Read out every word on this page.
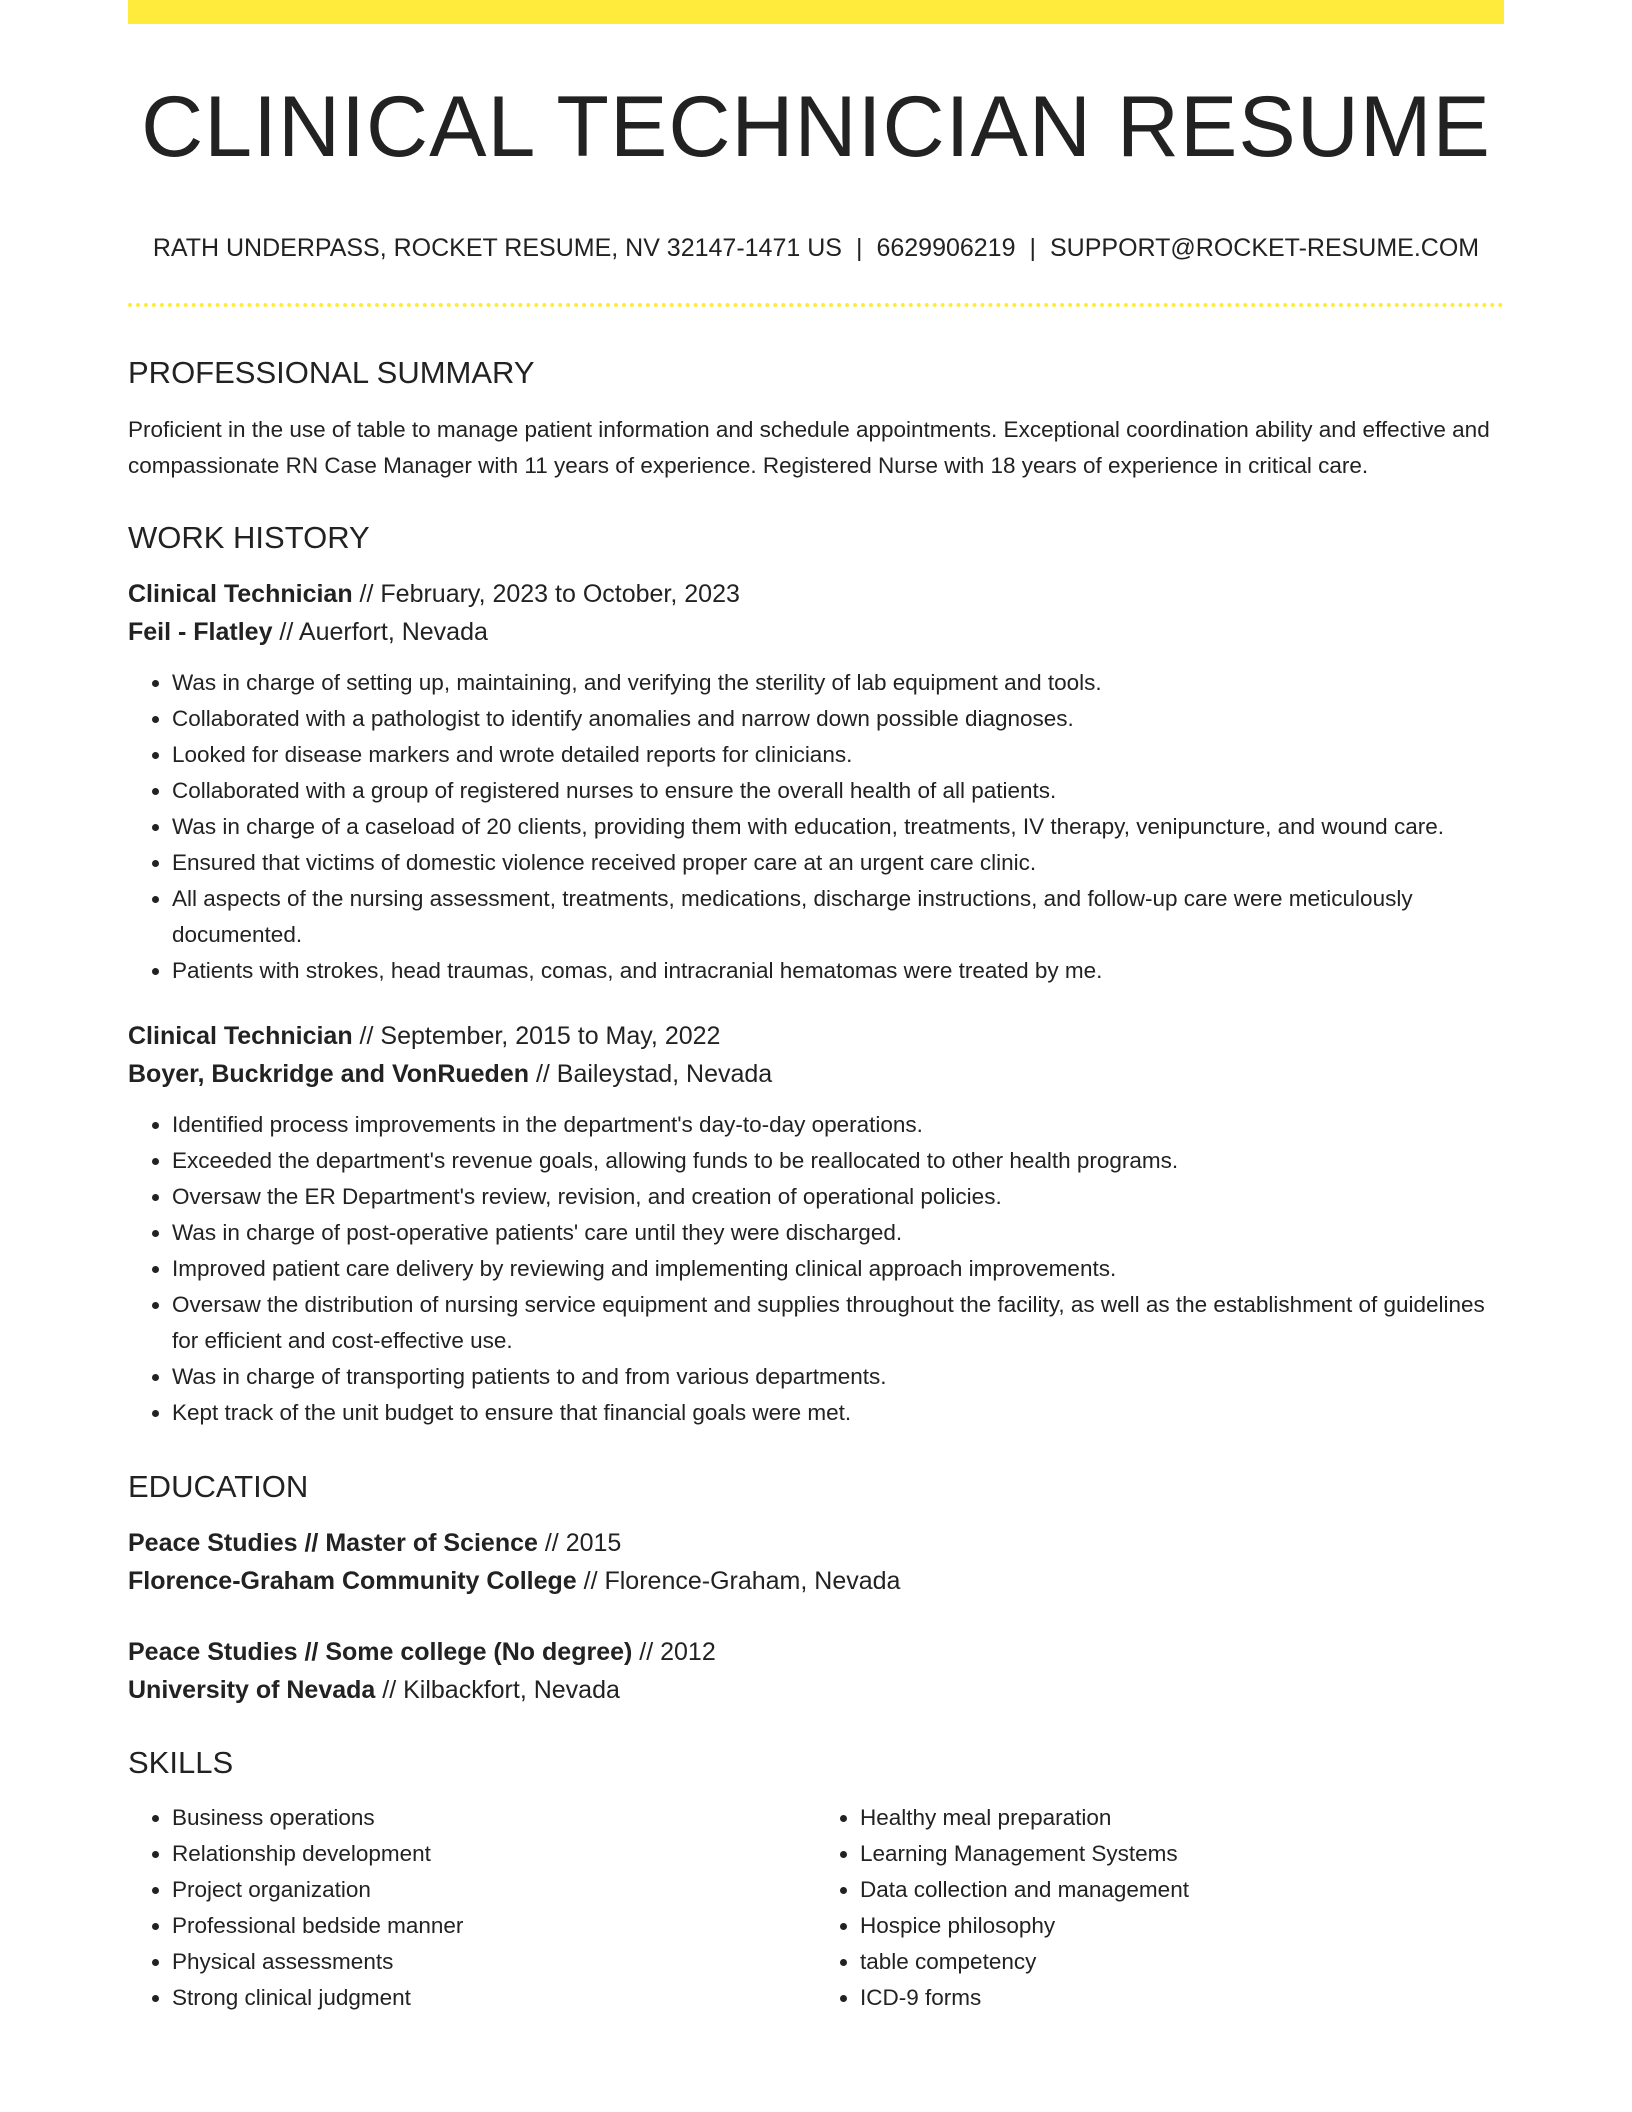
CLINICAL TECHNICIAN RESUME
RATH UNDERPASS, ROCKET RESUME, NV 32147-1471 US | 6629906219 | SUPPORT@ROCKET-RESUME.COM
PROFESSIONAL SUMMARY

Proficient in the use of table to manage patient information and schedule appointments. Exceptional coordination ability and effective and compassionate RN Case Manager with 11 years of experience. Registered Nurse with 18 years of experience in critical care.

WORK HISTORY

Clinical Technician // February, 2023 to October, 2023

Feil - Flatley // Auerfort, Nevada

• Was in charge of setting up, maintaining, and verifying the sterility of lab equipment and tools.
• Collaborated with a pathologist to identify anomalies and narrow down possible diagnoses.
• Looked for disease markers and wrote detailed reports for clinicians.
• Collaborated with a group of registered nurses to ensure the overall health of all patients.
• Was in charge of a caseload of 20 clients, providing them with education, treatments, IV therapy, venipuncture, and wound care.
• Ensured that victims of domestic violence received proper care at an urgent care clinic.
• All aspects of the nursing assessment, treatments, medications, discharge instructions, and follow-up care were meticulously documented.
• Patients with strokes, head traumas, comas, and intracranial hematomas were treated by me.

Clinical Technician // September, 2015 to May, 2022

Boyer, Buckridge and VonRueden // Baileystad, Nevada

• Identified process improvements in the department's day-to-day operations.
• Exceeded the department's revenue goals, allowing funds to be reallocated to other health programs.
• Oversaw the ER Department's review, revision, and creation of operational policies.
• Was in charge of post-operative patients' care until they were discharged.
• Improved patient care delivery by reviewing and implementing clinical approach improvements.
• Oversaw the distribution of nursing service equipment and supplies throughout the facility, as well as the establishment of guidelines for efficient and cost-effective use.
• Was in charge of transporting patients to and from various departments.
• Kept track of the unit budget to ensure that financial goals were met.
EDUCATION

Peace Studies // Master of Science // 2015

Florence-Graham Community College // Florence-Graham, Nevada

Peace Studies // Some college (No degree) // 2012

University of Nevada // Kilbackfort, Nevada

SKILLS
• Business operations
• Relationship development
• Project organization
• Professional bedside manner
• Physical assessments
• Strong clinical judgment
• Healthy meal preparation
• Learning Management Systems
• Data collection and management
• Hospice philosophy
• table competency
• ICD-9 forms
